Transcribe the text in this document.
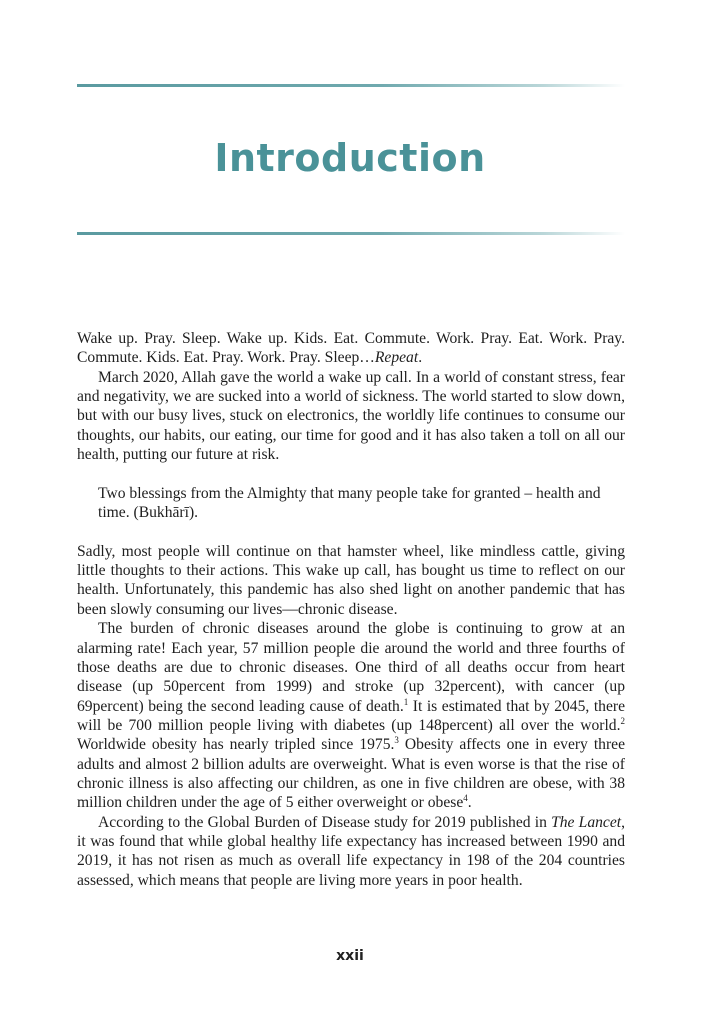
Introduction

Wake up. Pray. Sleep. Wake up. Kids. Eat. Commute. Work. Pray. Eat. Work. Pray. Commute. Kids. Eat. Pray. Work. Pray. Sleep…Repeat.

March 2020, Allah gave the world a wake up call. In a world of constant stress, fear and negativity, we are sucked into a world of sickness. The world started to slow down, but with our busy lives, stuck on electronics, the worldly life continues to consume our thoughts, our habits, our eating, our time for good and it has also taken a toll on all our health, putting our future at risk.

Two blessings from the Almighty that many people take for granted – health and time. (Bukhārī).

Sadly, most people will continue on that hamster wheel, like mindless cattle, giving little thoughts to their actions. This wake up call, has bought us time to reflect on our health. Unfortunately, this pandemic has also shed light on another pandemic that has been slowly consuming our lives—chronic disease.

The burden of chronic diseases around the globe is continuing to grow at an alarming rate! Each year, 57 million people die around the world and three fourths of those deaths are due to chronic diseases. One third of all deaths occur from heart disease (up 50percent from 1999) and stroke (up 32percent), with cancer (up 69percent) being the second leading cause of death.$^1$ It is estimated that by 2045, there will be 700 million people living with diabetes (up 148percent) all over the world.$^2$ Worldwide obesity has nearly tripled since 1975.$^3$ Obesity affects one in every three adults and almost 2 billion adults are overweight. What is even worse is that the rise of chronic illness is also affecting our children, as one in five children are obese, with 38 million children under the age of 5 either overweight or obese$^4$.

According to the Global Burden of Disease study for 2019 published in The Lancet, it was found that while global healthy life expectancy has increased between 1990 and 2019, it has not risen as much as overall life expectancy in 198 of the 204 countries assessed, which means that people are living more years in poor health.

xxii
